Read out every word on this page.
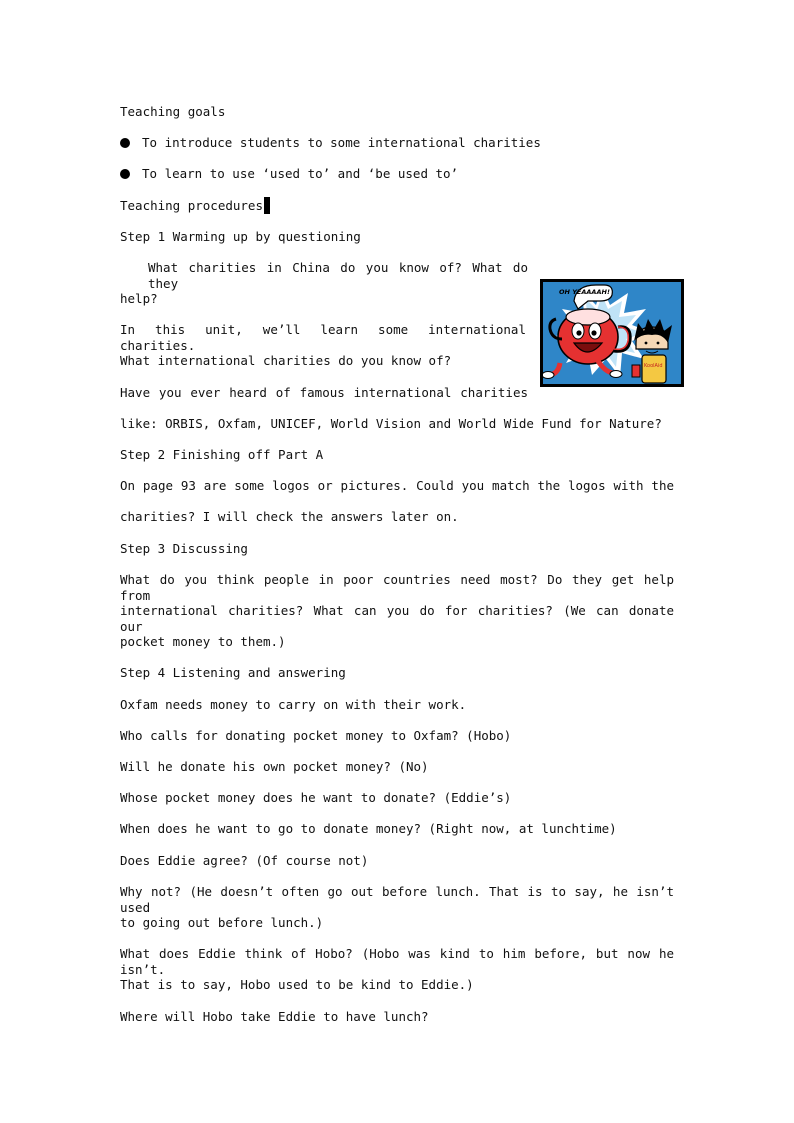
Teaching goals
To introduce students to some international charities
To learn to use ‘used to’ and ‘be used to’
Teaching procedures
Step 1 Warming up by questioning
What charities in China do you know of? What do they
help?
In this unit, we’ll learn some international charities.
What international charities do you know of?
Have you ever heard of famous international charities
like: ORBIS, Oxfam, UNICEF, World Vision and World Wide Fund for Nature?
Step 2 Finishing off Part A
On page 93 are some logos or pictures. Could you match the logos with the
charities? I will check the answers later on.
Step 3 Discussing
What do you think people in poor countries need most? Do they get help from
international charities? What can you do for charities? (We can donate our
pocket money to them.)
Step 4 Listening and answering
Oxfam needs money to carry on with their work.
Who calls for donating pocket money to Oxfam? (Hobo)
Will he donate his own pocket money? (No)
Whose pocket money does he want to donate? (Eddie’s)
When does he want to go to donate money? (Right now, at lunchtime)
Does Eddie agree? (Of course not)
Why not? (He doesn’t often go out before lunch. That is to say, he isn’t used
to going out before lunch.)
What does Eddie think of Hobo? (Hobo was kind to him before, but now he isn’t.
That is to say, Hobo used to be kind to Eddie.)
Where will Hobo take Eddie to have lunch?
OH YEAAAAH!
KoolAid
